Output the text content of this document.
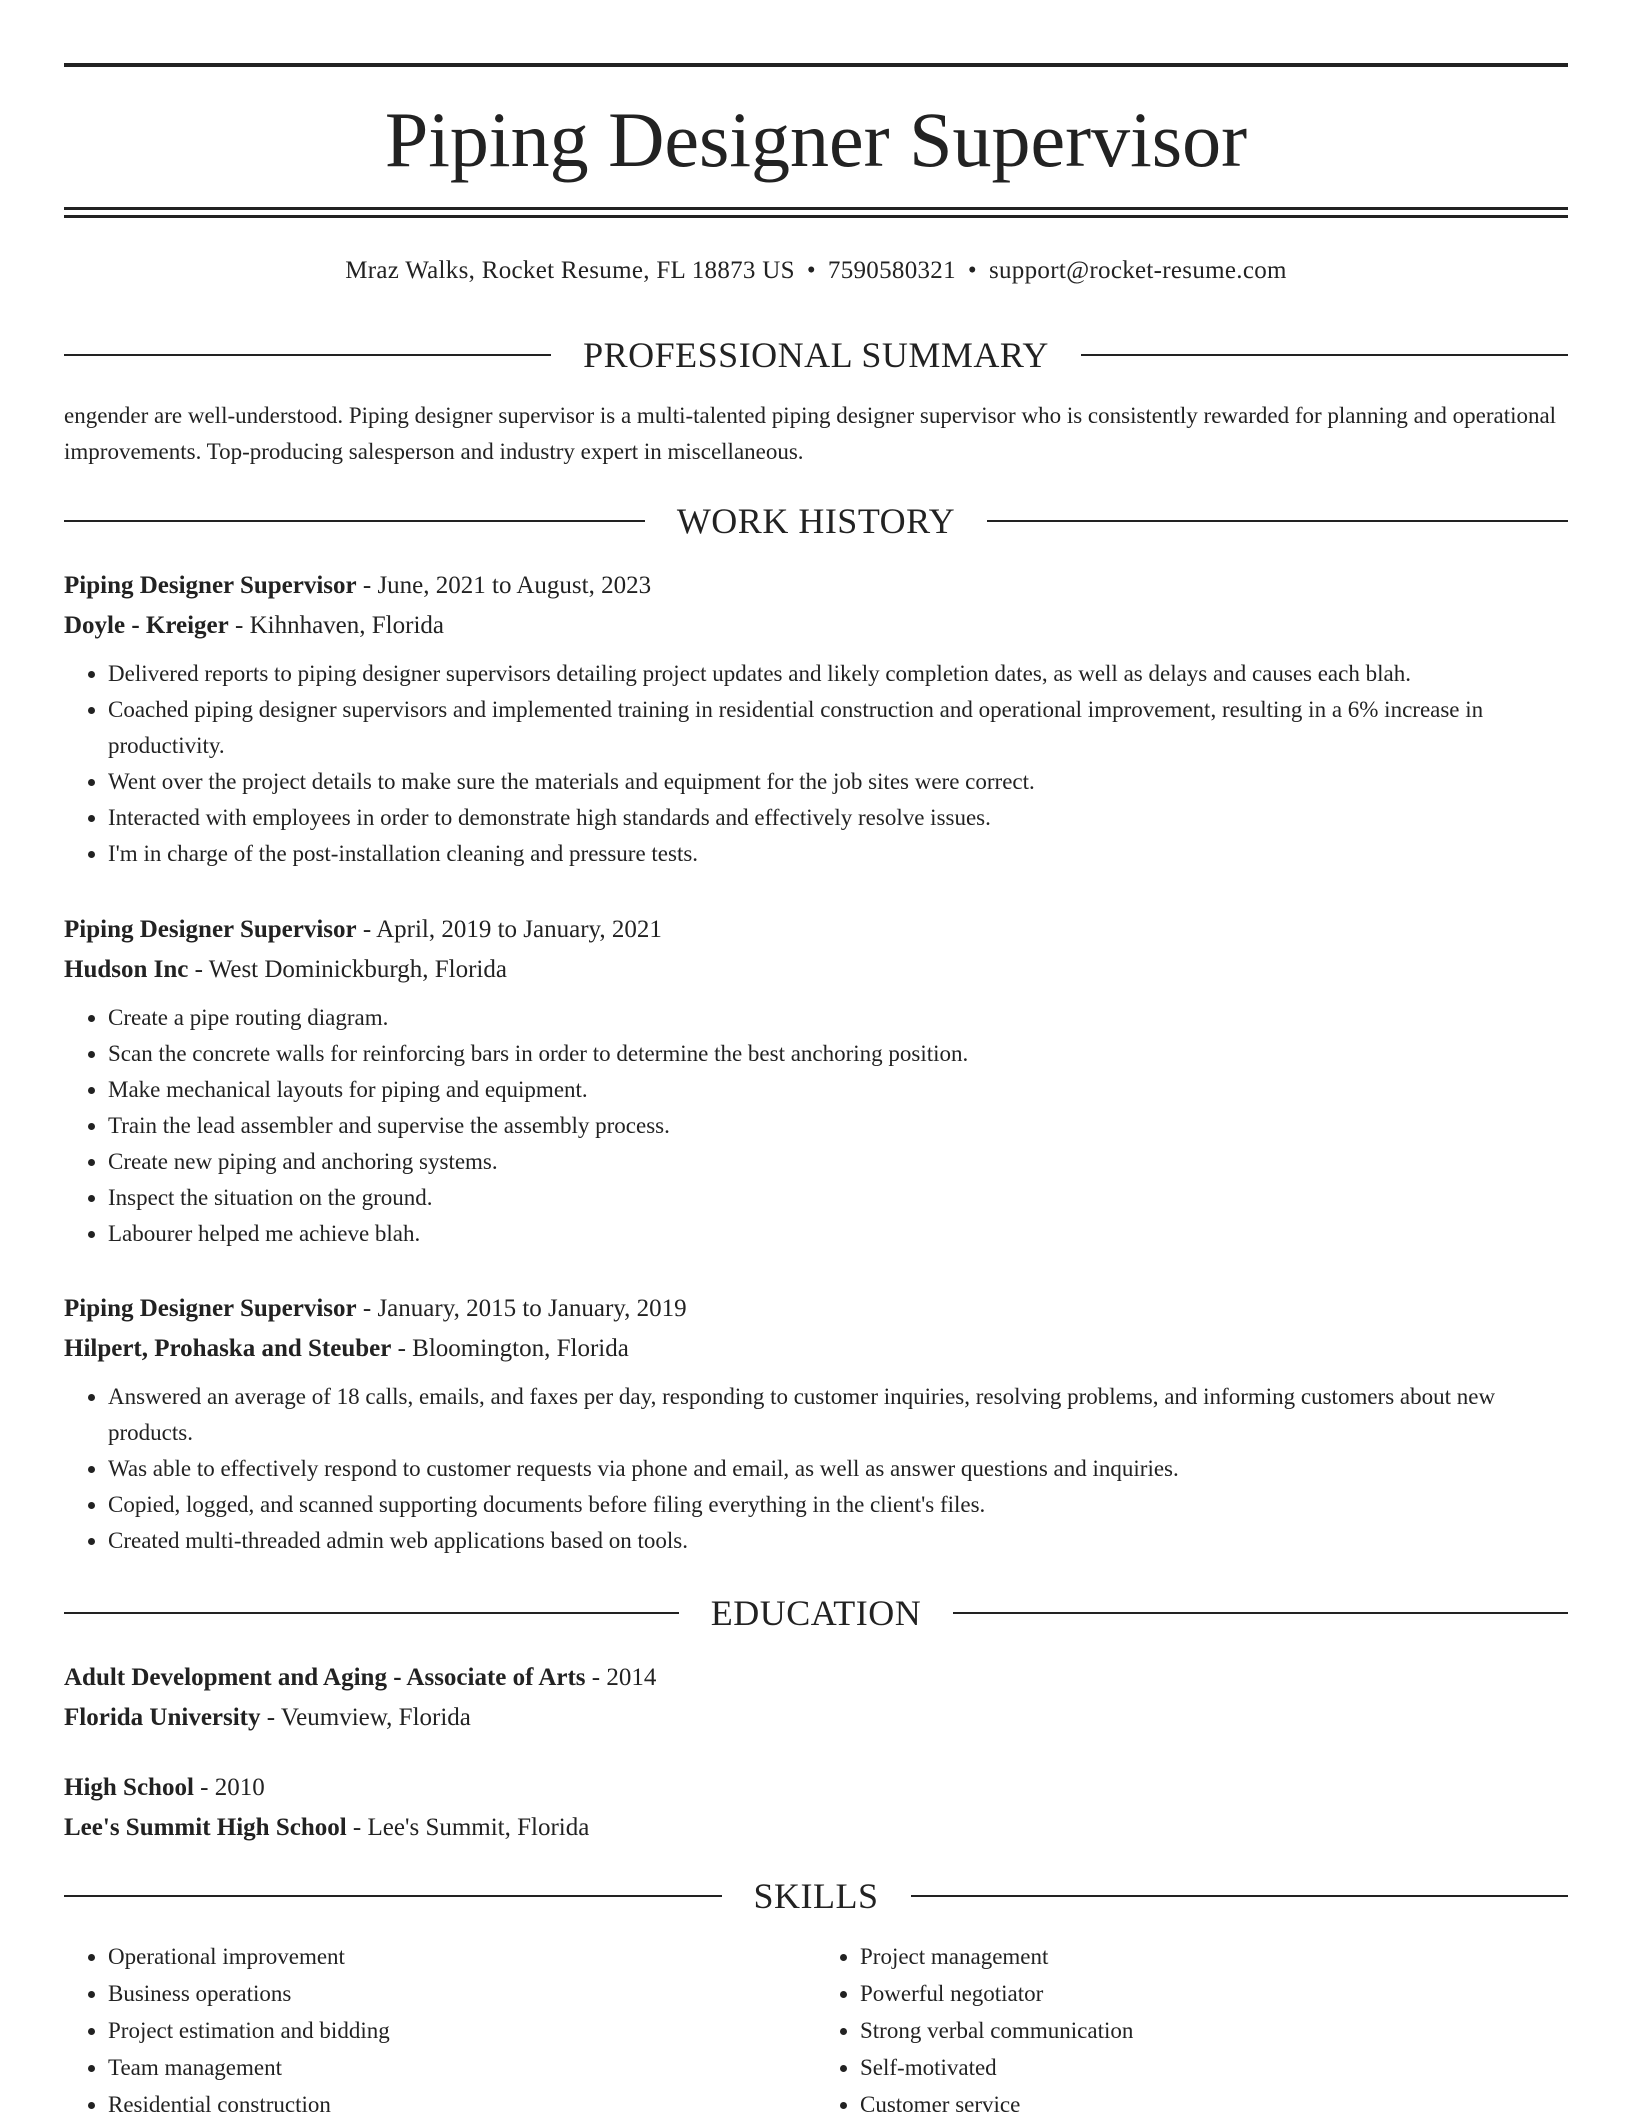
Piping Designer Supervisor
Mraz Walks, Rocket Resume, FL 18873 US • 7590580321 • support@rocket-resume.com
PROFESSIONAL SUMMARY
engender are well-understood. Piping designer supervisor is a multi-talented piping designer supervisor who is consistently rewarded for planning and operational improvements. Top-producing salesperson and industry expert in miscellaneous.
WORK HISTORY
Piping Designer Supervisor - June, 2021 to August, 2023
Doyle - Kreiger - Kihnhaven, Florida
• Delivered reports to piping designer supervisors detailing project updates and likely completion dates, as well as delays and causes each blah.
• Coached piping designer supervisors and implemented training in residential construction and operational improvement, resulting in a 6% increase in productivity.
• Went over the project details to make sure the materials and equipment for the job sites were correct.
• Interacted with employees in order to demonstrate high standards and effectively resolve issues.
• I'm in charge of the post-installation cleaning and pressure tests.
Piping Designer Supervisor - April, 2019 to January, 2021
Hudson Inc - West Dominickburgh, Florida
• Create a pipe routing diagram.
• Scan the concrete walls for reinforcing bars in order to determine the best anchoring position.
• Make mechanical layouts for piping and equipment.
• Train the lead assembler and supervise the assembly process.
• Create new piping and anchoring systems.
• Inspect the situation on the ground.
• Labourer helped me achieve blah.
Piping Designer Supervisor - January, 2015 to January, 2019
Hilpert, Prohaska and Steuber - Bloomington, Florida
• Answered an average of 18 calls, emails, and faxes per day, responding to customer inquiries, resolving problems, and informing customers about new products.
• Was able to effectively respond to customer requests via phone and email, as well as answer questions and inquiries.
• Copied, logged, and scanned supporting documents before filing everything in the client's files.
• Created multi-threaded admin web applications based on tools.
EDUCATION
Adult Development and Aging - Associate of Arts - 2014
Florida University - Veumview, Florida
High School - 2010
Lee's Summit High School - Lee's Summit, Florida
SKILLS
• Operational improvement
• Business operations
• Project estimation and bidding
• Team management
• Residential construction
• Project management
• Powerful negotiator
• Strong verbal communication
• Self-motivated
• Customer service
